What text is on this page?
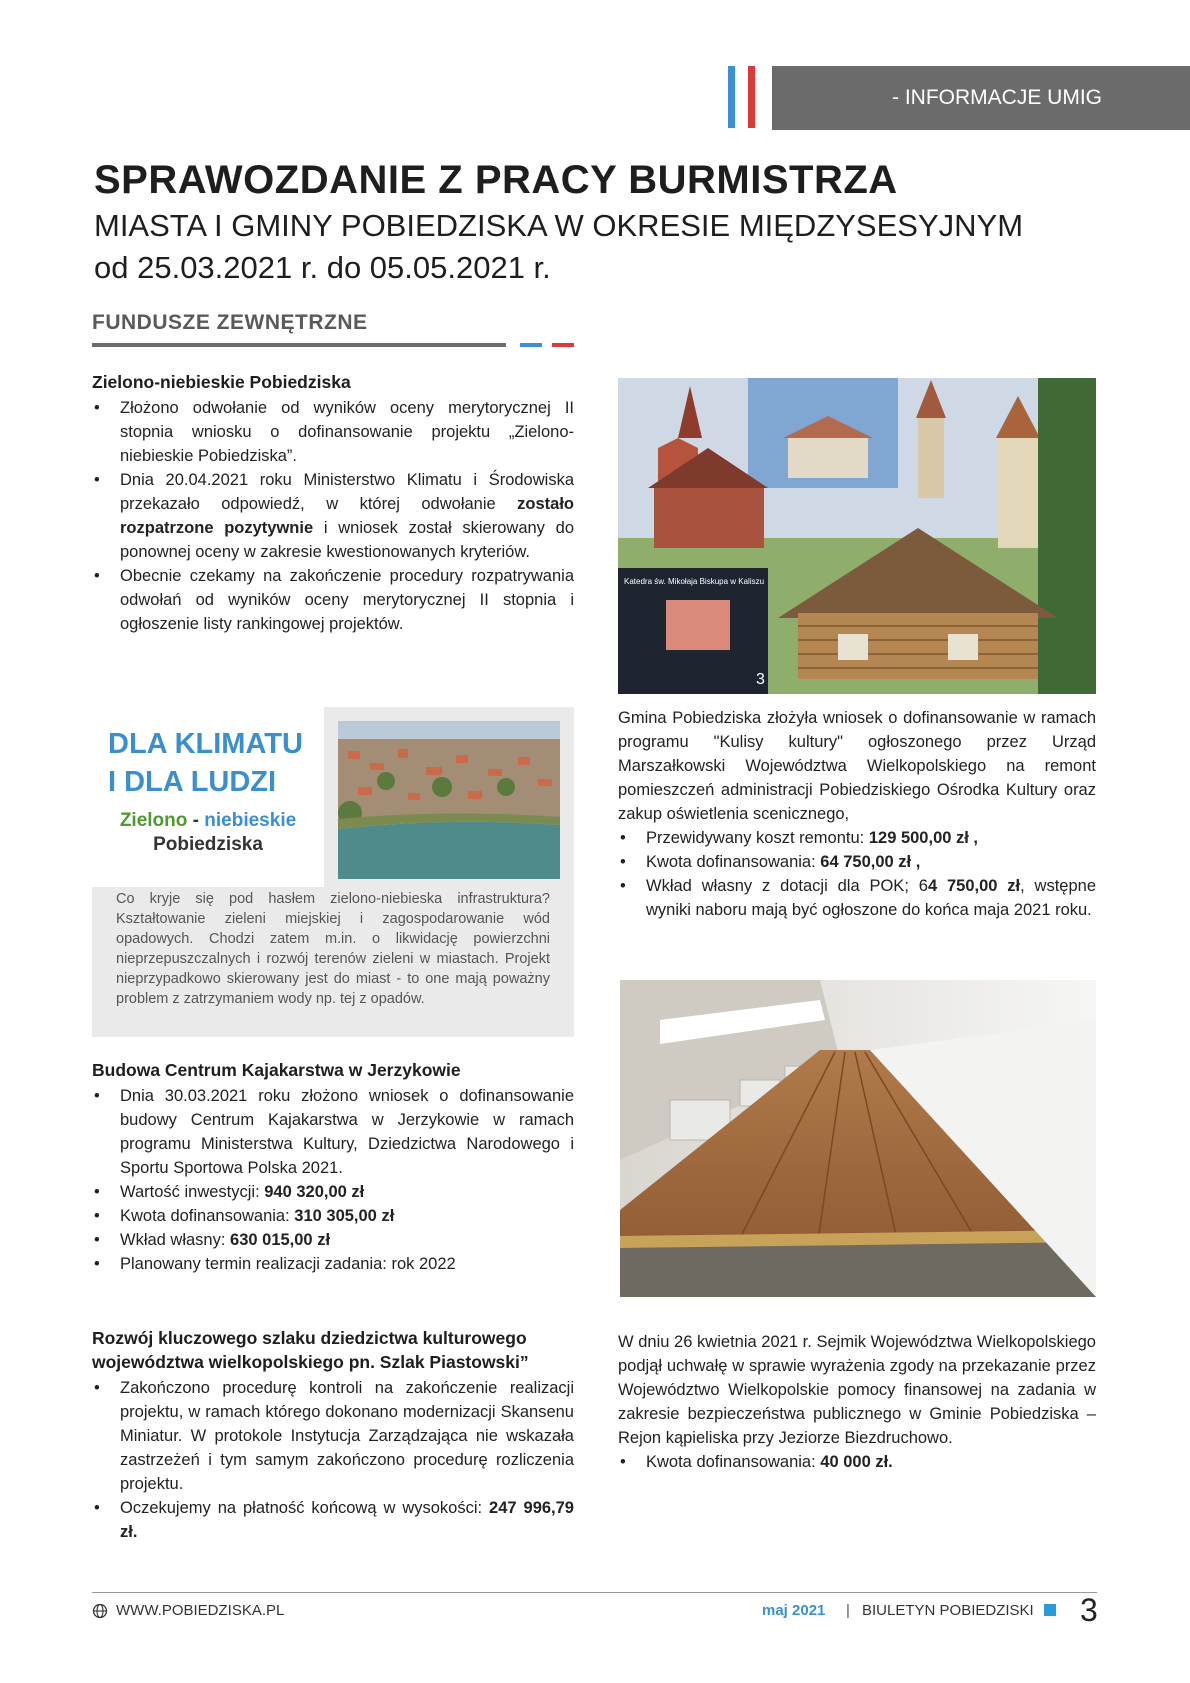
- INFORMACJE UMIG
SPRAWOZDANIE Z PRACY BURMISTRZA
MIASTA I GMINY POBIEDZISKA W OKRESIE MIĘDZYSESYJNYM
od 25.03.2021 r. do 05.05.2021 r.
FUNDUSZE ZEWNĘTRZNE
Zielono-niebieskie Pobiedziska
• Złożono odwołanie od wyników oceny merytorycznej II stopnia wniosku o dofinansowanie projektu „Zielono-niebieskie Pobiedziska”.
• Dnia 20.04.2021 roku Ministerstwo Klimatu i Środowiska przekazało odpowiedź, w której odwołanie zostało rozpatrzone pozytywnie i wniosek został skierowany do ponownej oceny w zakresie kwestionowanych kryteriów.
• Obecnie czekamy na zakończenie procedury rozpatrywania odwołań od wyników oceny merytorycznej II stopnia i ogłoszenie listy rankingowej projektów.
DLA KLIMATU
I DLA LUDZI
Zielono - niebieskie
Pobiedziska
Co kryje się pod hasłem zielono-niebieska infrastruktura? Kształtowanie zieleni miejskiej i zagospodarowanie wód opadowych. Chodzi zatem m.in. o likwidację powierzchni nieprzepuszczalnych i rozwój terenów zieleni w miastach. Projekt nieprzypadkowo skierowany jest do miast - to one mają poważny problem z zatrzymaniem wody np. tej z opadów.
Budowa Centrum Kajakarstwa w Jerzykowie
• Dnia 30.03.2021 roku złożono wniosek o dofinansowanie budowy Centrum Kajakarstwa w Jerzykowie w ramach programu Ministerstwa Kultury, Dziedzictwa Narodowego i Sportu Sportowa Polska 2021.
• Wartość inwestycji: 940 320,00 zł
• Kwota dofinansowania: 310 305,00 zł
• Wkład własny: 630 015,00 zł
• Planowany termin realizacji zadania: rok 2022
Rozwój kluczowego szlaku dziedzictwa kulturowego województwa wielkopolskiego pn. Szlak Piastowski”
• Zakończono procedurę kontroli na zakończenie realizacji projektu, w ramach którego dokonano modernizacji Skansenu Miniatur. W protokole Instytucja Zarządzająca nie wskazała zastrzeżeń i tym samym zakończono procedurę rozliczenia projektu.
• Oczekujemy na płatność końcową w wysokości: 247 996,79 zł.
Katedra św. Mikołaja Biskupa w Kaliszu
3

Gmina Pobiedziska złożyła wniosek o dofinansowanie w ramach programu "Kulisy kultury" ogłoszonego przez Urząd Marszałkowski Województwa Wielkopolskiego na remont pomieszczeń administracji Pobiedziskiego Ośrodka Kultury oraz zakup oświetlenia scenicznego,

• Przewidywany koszt remontu: 129 500,00 zł ,
• Kwota dofinansowania: 64 750,00 zł ,
• Wkład własny z dotacji dla POK; 64 750,00 zł, wstępne wyniki naboru mają być ogłoszone do końca maja 2021 roku.

W dniu 26 kwietnia 2021 r. Sejmik Województwa Wielkopolskiego podjął uchwałę w sprawie wyrażenia zgody na przekazanie przez Województwo Wielkopolskie pomocy finansowej na zadania w zakresie bezpieczeństwa publicznego w Gminie Pobiedziska – Rejon kąpieliska przy Jeziorze Biezdruchowo.

• Kwota dofinansowania: 40 000 zł.
WWW.POBIEDZISKA.PL	maj 2021 | BIULETYN POBIEDZISKI 3
